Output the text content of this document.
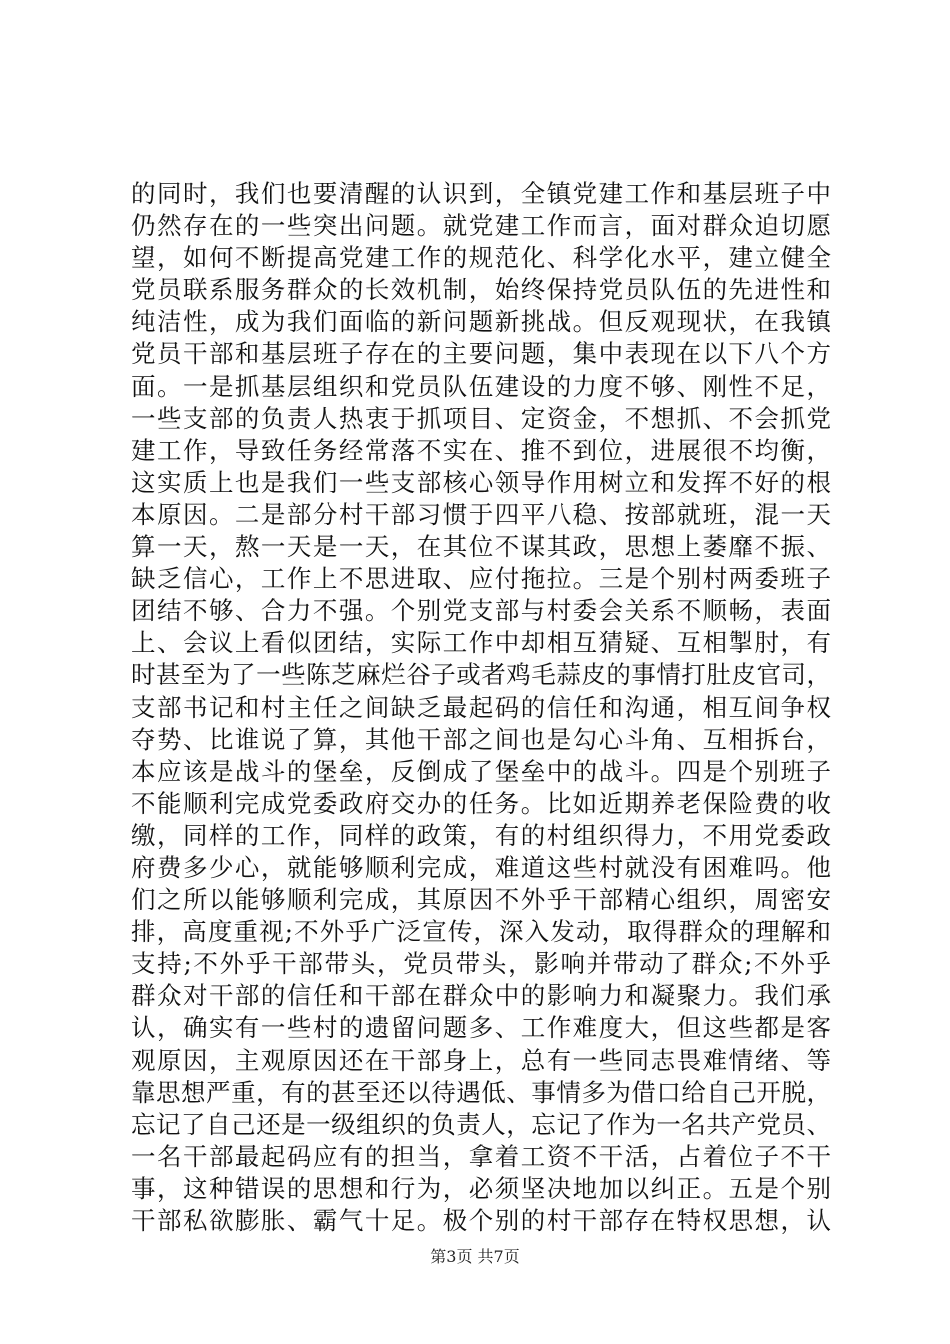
的同时，我们也要清醒的认识到，全镇党建工作和基层班子中
仍然存在的一些突出问题。就党建工作而言，面对群众迫切愿
望，如何不断提高党建工作的规范化、科学化水平，建立健全
党员联系服务群众的长效机制，始终保持党员队伍的先进性和
纯洁性，成为我们面临的新问题新挑战。但反观现状，在我镇
党员干部和基层班子存在的主要问题，集中表现在以下八个方
面。一是抓基层组织和党员队伍建设的力度不够、刚性不足，
一些支部的负责人热衷于抓项目、定资金，不想抓、不会抓党
建工作，导致任务经常落不实在、推不到位，进展很不均衡，
这实质上也是我们一些支部核心领导作用树立和发挥不好的根
本原因。二是部分村干部习惯于四平八稳、按部就班，混一天
算一天，熬一天是一天，在其位不谋其政，思想上萎靡不振、
缺乏信心，工作上不思进取、应付拖拉。三是个别村两委班子
团结不够、合力不强。个别党支部与村委会关系不顺畅，表面
上、会议上看似团结，实际工作中却相互猜疑、互相掣肘，有
时甚至为了一些陈芝麻烂谷子或者鸡毛蒜皮的事情打肚皮官司，
支部书记和村主任之间缺乏最起码的信任和沟通，相互间争权
夺势、比谁说了算，其他干部之间也是勾心斗角、互相拆台，
本应该是战斗的堡垒，反倒成了堡垒中的战斗。四是个别班子
不能顺利完成党委政府交办的任务。比如近期养老保险费的收
缴，同样的工作，同样的政策，有的村组织得力，不用党委政
府费多少心，就能够顺利完成，难道这些村就没有困难吗。他
们之所以能够顺利完成，其原因不外乎干部精心组织，周密安
排，高度重视;不外乎广泛宣传，深入发动，取得群众的理解和
支持;不外乎干部带头，党员带头，影响并带动了群众;不外乎
群众对干部的信任和干部在群众中的影响力和凝聚力。我们承
认，确实有一些村的遗留问题多、工作难度大，但这些都是客
观原因，主观原因还在干部身上，总有一些同志畏难情绪、等
靠思想严重，有的甚至还以待遇低、事情多为借口给自己开脱，
忘记了自己还是一级组织的负责人，忘记了作为一名共产党员、
一名干部最起码应有的担当，拿着工资不干活，占着位子不干
事，这种错误的思想和行为，必须坚决地加以纠正。五是个别
干部私欲膨胀、霸气十足。极个别的村干部存在特权思想，认
第3页 共7页
